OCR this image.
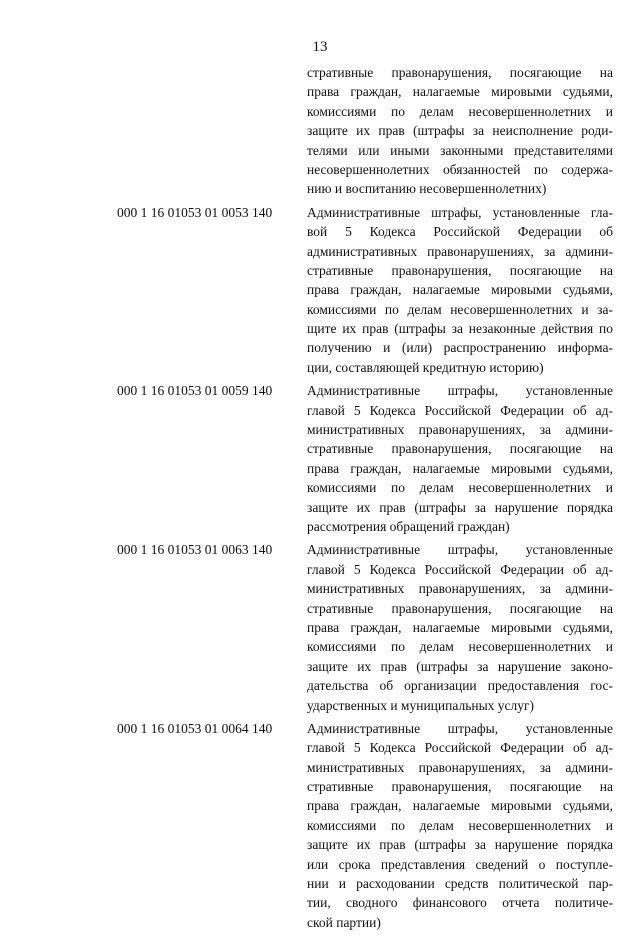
13
стративные правонарушения, посягающие на
права граждан, налагаемые мировыми судьями,
комиссиями по делам несовершеннолетних и
защите их прав (штрафы за неисполнение роди-
телями или иными законными представителями
несовершеннолетних обязанностей по содержа-
нию и воспитанию несовершеннолетних)
000 1 16 01053 01 0053 140	Административные штрафы, установленные гла-
вой 5 Кодекса Российской Федерации об
административных правонарушениях, за админи-
стративные правонарушения, посягающие на
права граждан, налагаемые мировыми судьями,
комиссиями по делам несовершеннолетних и за-
щите их прав (штрафы за незаконные действия по
получению и (или) распространению информа-
ции, составляющей кредитную историю)
000 1 16 01053 01 0059 140	Административные штрафы, установленные
главой 5 Кодекса Российской Федерации об ад-
министративных правонарушениях, за админи-
стративные правонарушения, посягающие на
права граждан, налагаемые мировыми судьями,
комиссиями по делам несовершеннолетних и
защите их прав (штрафы за нарушение порядка
рассмотрения обращений граждан)
000 1 16 01053 01 0063 140	Административные штрафы, установленные
главой 5 Кодекса Российской Федерации об ад-
министративных правонарушениях, за админи-
стративные правонарушения, посягающие на
права граждан, налагаемые мировыми судьями,
комиссиями по делам несовершеннолетних и
защите их прав (штрафы за нарушение законо-
дательства об организации предоставления гос-
ударственных и муниципальных услуг)
000 1 16 01053 01 0064 140	Административные штрафы, установленные
главой 5 Кодекса Российской Федерации об ад-
министративных правонарушениях, за админи-
стративные правонарушения, посягающие на
права граждан, налагаемые мировыми судьями,
комиссиями по делам несовершеннолетних и
защите их прав (штрафы за нарушение порядка
или срока представления сведений о поступле-
нии и расходовании средств политической пар-
тии, сводного финансового отчета политиче-
ской партии)
